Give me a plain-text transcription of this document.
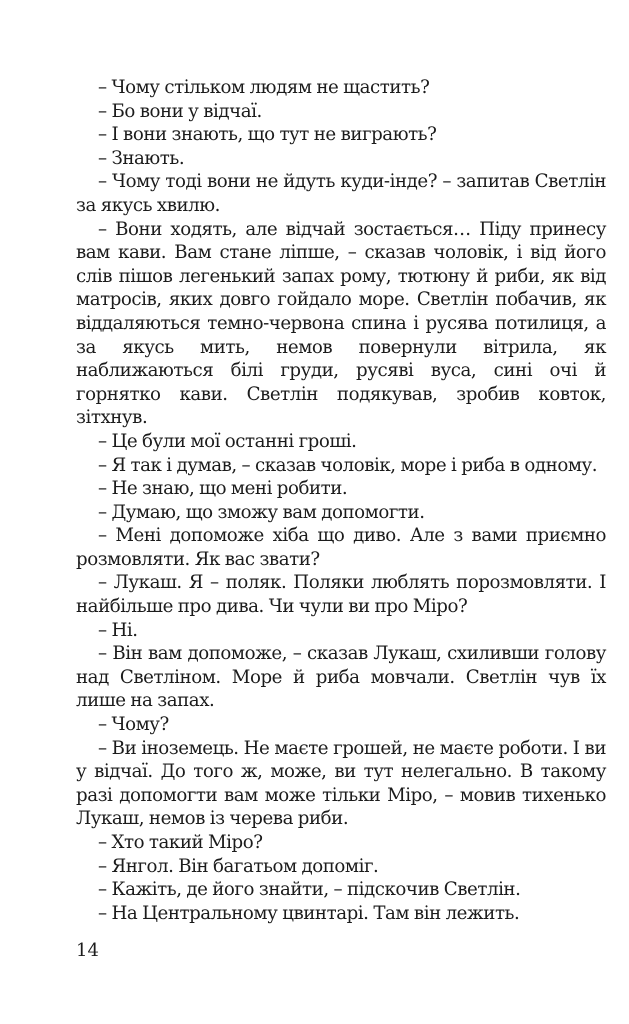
– Чому стільком людям не щастить?

– Бо вони у відчаї.

– І вони знають, що тут не виграють?

– Знають.

– Чому тоді вони не йдуть куди-інде? – запитав Светлін за якусь хвилю.

– Вони ходять, але відчай зостається… Піду принесу вам кави. Вам стане ліпше, – сказав чоловік, і від його слів пішов легенький запах рому, тютюну й риби, як від матросів, яких довго гойдало море. Светлін побачив, як віддаляються темно-червона спина і русява потилиця, а за якусь мить, немов повернули вітрила, як наближаються білі груди, русяві вуса, сині очі й горнятко кави. Светлін подякував, зробив ковток, зітхнув.

– Це були мої останні гроші.

– Я так і думав, – сказав чоловік, море і риба в одному.

– Не знаю, що мені робити.

– Думаю, що зможу вам допомогти.

– Мені допоможе хіба що диво. Але з вами приємно розмовляти. Як вас звати?

– Лукаш. Я – поляк. Поляки люблять порозмовляти. І найбільше про дива. Чи чули ви про Міро?

– Ні.

– Він вам допоможе, – сказав Лукаш, схиливши голову над Светліном. Море й риба мовчали. Светлін чув їх лише на запах.

– Чому?

– Ви іноземець. Не маєте грошей, не маєте роботи. І ви у відчаї. До того ж, може, ви тут нелегально. В такому разі допомогти вам може тільки Міро, – мовив тихенько Лукаш, немов із черева риби.

– Хто такий Міро?

– Янгол. Він багатьом допоміг.

– Кажіть, де його знайти, – підскочив Светлін.

– На Центральному цвинтарі. Там він лежить.

14
